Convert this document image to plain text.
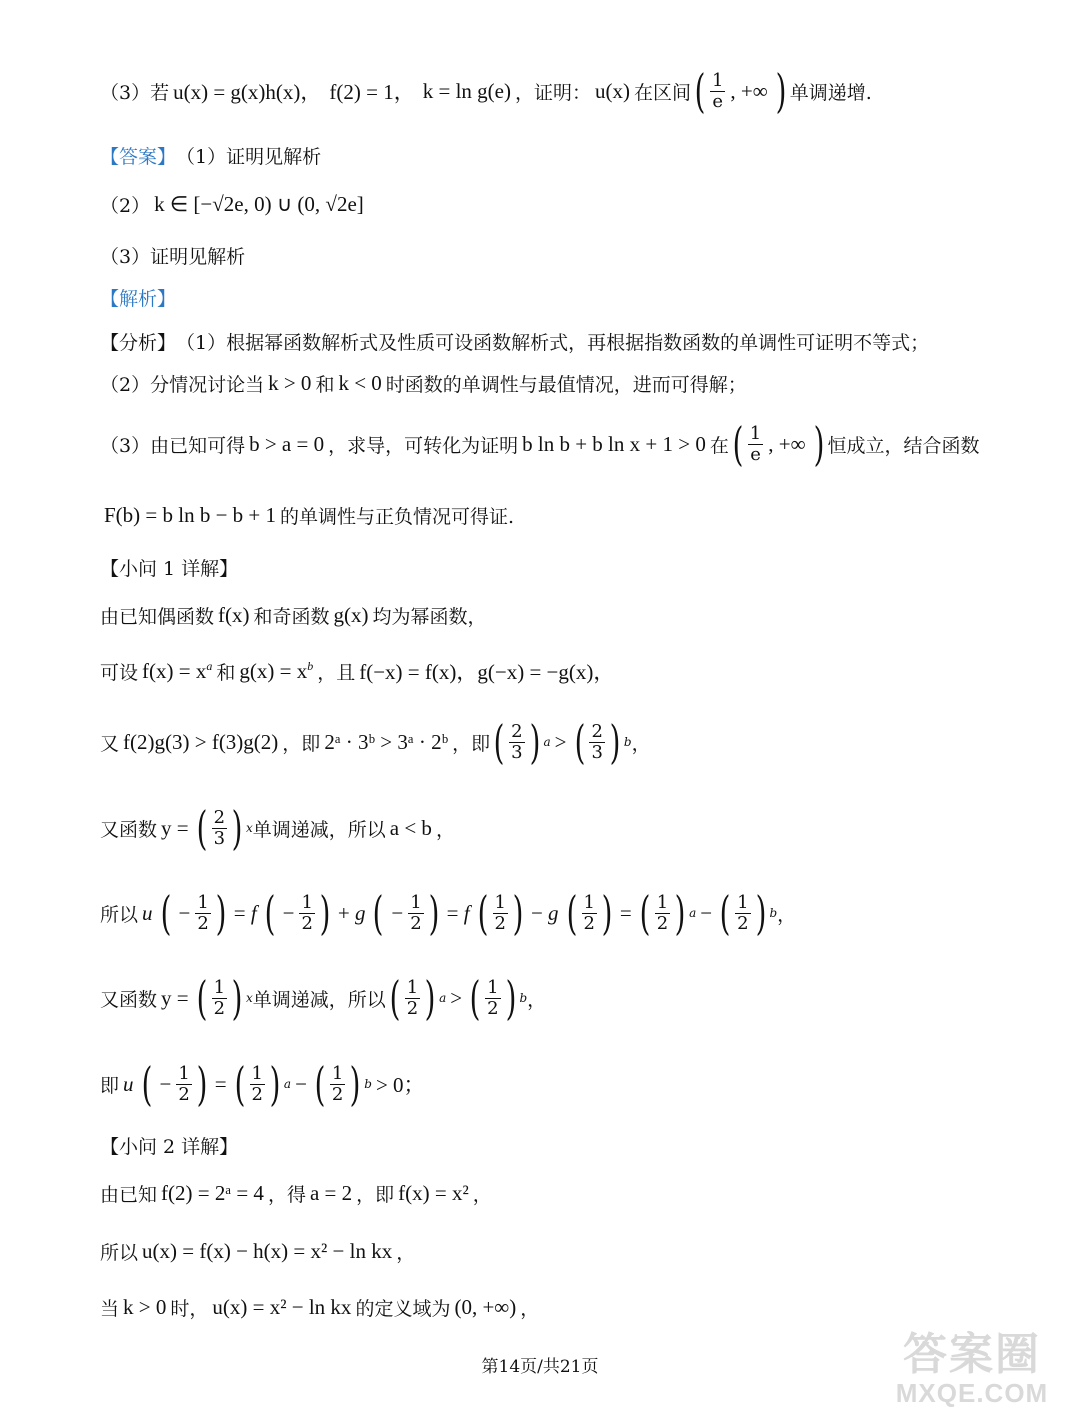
（3）若 u(x) = g(x)h(x)， f(2) = 1， k = ln g(e) ，证明： u(x) 在区间 ( $\frac{1}{e}$ , +∞ ) 单调递增.
【答案】 （1）证明见解析
（2） k ∈ [−√2e, 0) ∪ (0, √2e]
（3）证明见解析
【解析】
【分析】 （1）根据幂函数解析式及性质可设函数解析式，再根据指数函数的单调性可证明不等式；
（2）分情况讨论当 k > 0 和 k < 0 时函数的单调性与最值情况，进而可得解；
（3）由已知可得 b > a = 0 ，求导，可转化为证明 b ln b + b ln x + 1 > 0 在 ( $\frac{1}{e}$ , +∞ ) 恒成立，结合函数
F(b) = b ln b − b + 1 的单调性与正负情况可得证.
【小问 1 详解】
由已知偶函数 f(x) 和奇函数 g(x) 均为幂函数，
可设 $f(x) = x^a$ 和 $g(x) = x^b$ ，且 f(−x) = f(x)，g(−x) = −g(x)，
又 f(2)g(3) > f(3)g(2) ，即 2ᵃ · 3ᵇ > 3ᵃ · 2ᵇ ，即 ( $\frac{2}{3}$ ) a > ( $\frac{2}{3}$ ) b ，
又函数 y = ( $\frac{2}{3}$ ) x 单调递减，所以 a < b ，
所以 u ( − $\frac{1}{2}$ ) = f ( − $\frac{1}{2}$ ) + g ( − $\frac{1}{2}$ ) = f ( $\frac{1}{2}$ ) − g ( $\frac{1}{2}$ ) = ( $\frac{1}{2}$ ) a − ( $\frac{1}{2}$ ) b ，
又函数 y = ( $\frac{1}{2}$ ) x 单调递减，所以 ( $\frac{1}{2}$ ) a > ( $\frac{1}{2}$ ) b ，
即 u ( − $\frac{1}{2}$ ) = ( $\frac{1}{2}$ ) a − ( $\frac{1}{2}$ ) b > 0；
【小问 2 详解】
由已知 f(2) = 2ᵃ = 4 ，得 a = 2 ，即 f(x) = x² ，
所以 u(x) = f(x) − h(x) = x² − ln kx ，
当 k > 0 时， u(x) = x² − ln kx 的定义域为 (0, +∞) ，
第14页/共21页	答案圈
MXQE.COM
